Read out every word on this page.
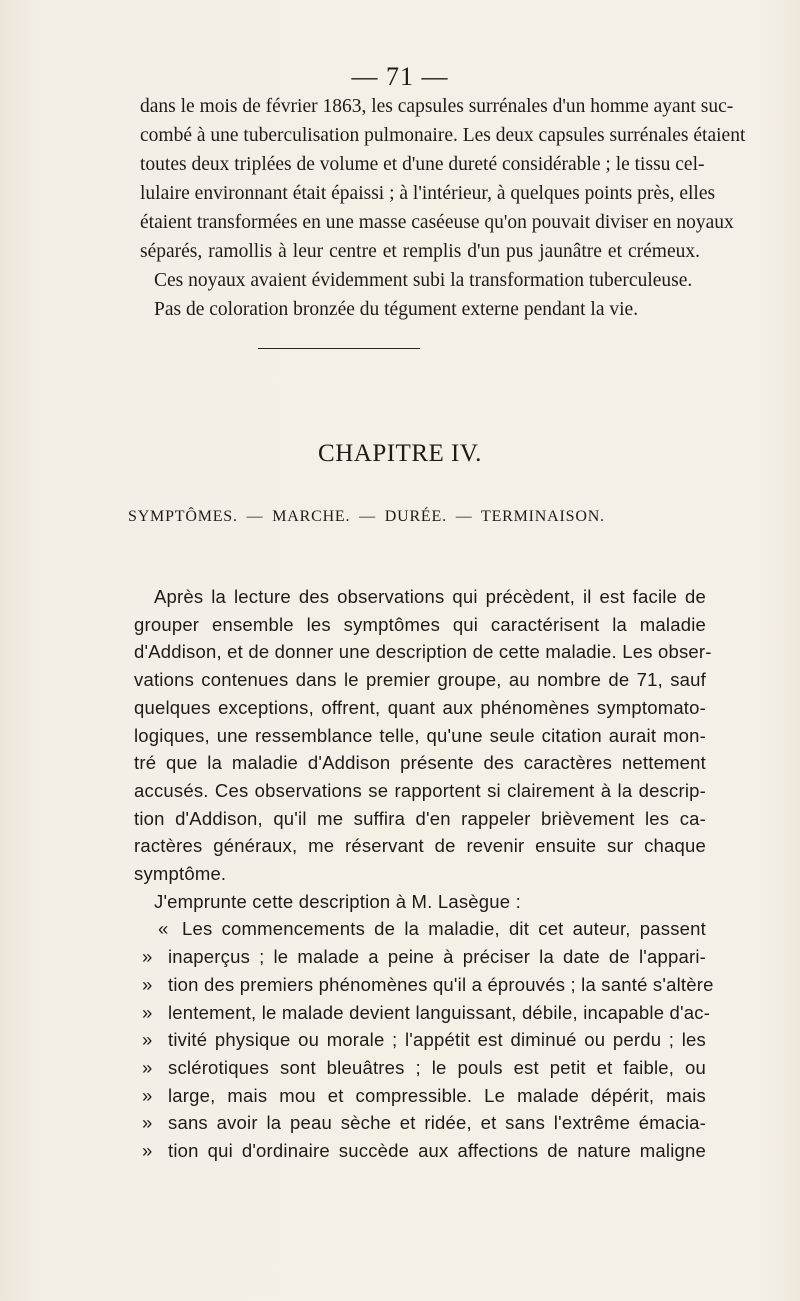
— 71 —
dans le mois de février 1863, les capsules surrénales d'un homme ayant suc-
combé à une tuberculisation pulmonaire. Les deux capsules surrénales étaient
toutes deux triplées de volume et d'une dureté considérable ; le tissu cel-
lulaire environnant était épaissi ; à l'intérieur, à quelques points près, elles
étaient transformées en une masse caséeuse qu'on pouvait diviser en noyaux
séparés, ramollis à leur centre et remplis d'un pus jaunâtre et crémeux.
Ces noyaux avaient évidemment subi la transformation tuberculeuse.
Pas de coloration bronzée du tégument externe pendant la vie.
CHAPITRE IV.
SYMPTÔMES. — MARCHE. — DURÉE. — TERMINAISON.
Après la lecture des observations qui précèdent, il est facile de
grouper ensemble les symptômes qui caractérisent la maladie
d'Addison, et de donner une description de cette maladie. Les obser-
vations contenues dans le premier groupe, au nombre de 71, sauf
quelques exceptions, offrent, quant aux phénomènes symptomato-
logiques, une ressemblance telle, qu'une seule citation aurait mon-
tré que la maladie d'Addison présente des caractères nettement
accusés. Ces observations se rapportent si clairement à la descrip-
tion d'Addison, qu'il me suffira d'en rappeler brièvement les ca-
ractères généraux, me réservant de revenir ensuite sur chaque
symptôme.
J'emprunte cette description à M. Lasègue :
« Les commencements de la maladie, dit cet auteur, passent
» inaperçus ; le malade a peine à préciser la date de l'appari-
» tion des premiers phénomènes qu'il a éprouvés ; la santé s'altère
» lentement, le malade devient languissant, débile, incapable d'ac-
» tivité physique ou morale ; l'appétit est diminué ou perdu ; les
» sclérotiques sont bleuâtres ; le pouls est petit et faible, ou
» large, mais mou et compressible. Le malade dépérit, mais
» sans avoir la peau sèche et ridée, et sans l'extrême émacia-
» tion qui d'ordinaire succède aux affections de nature maligne
